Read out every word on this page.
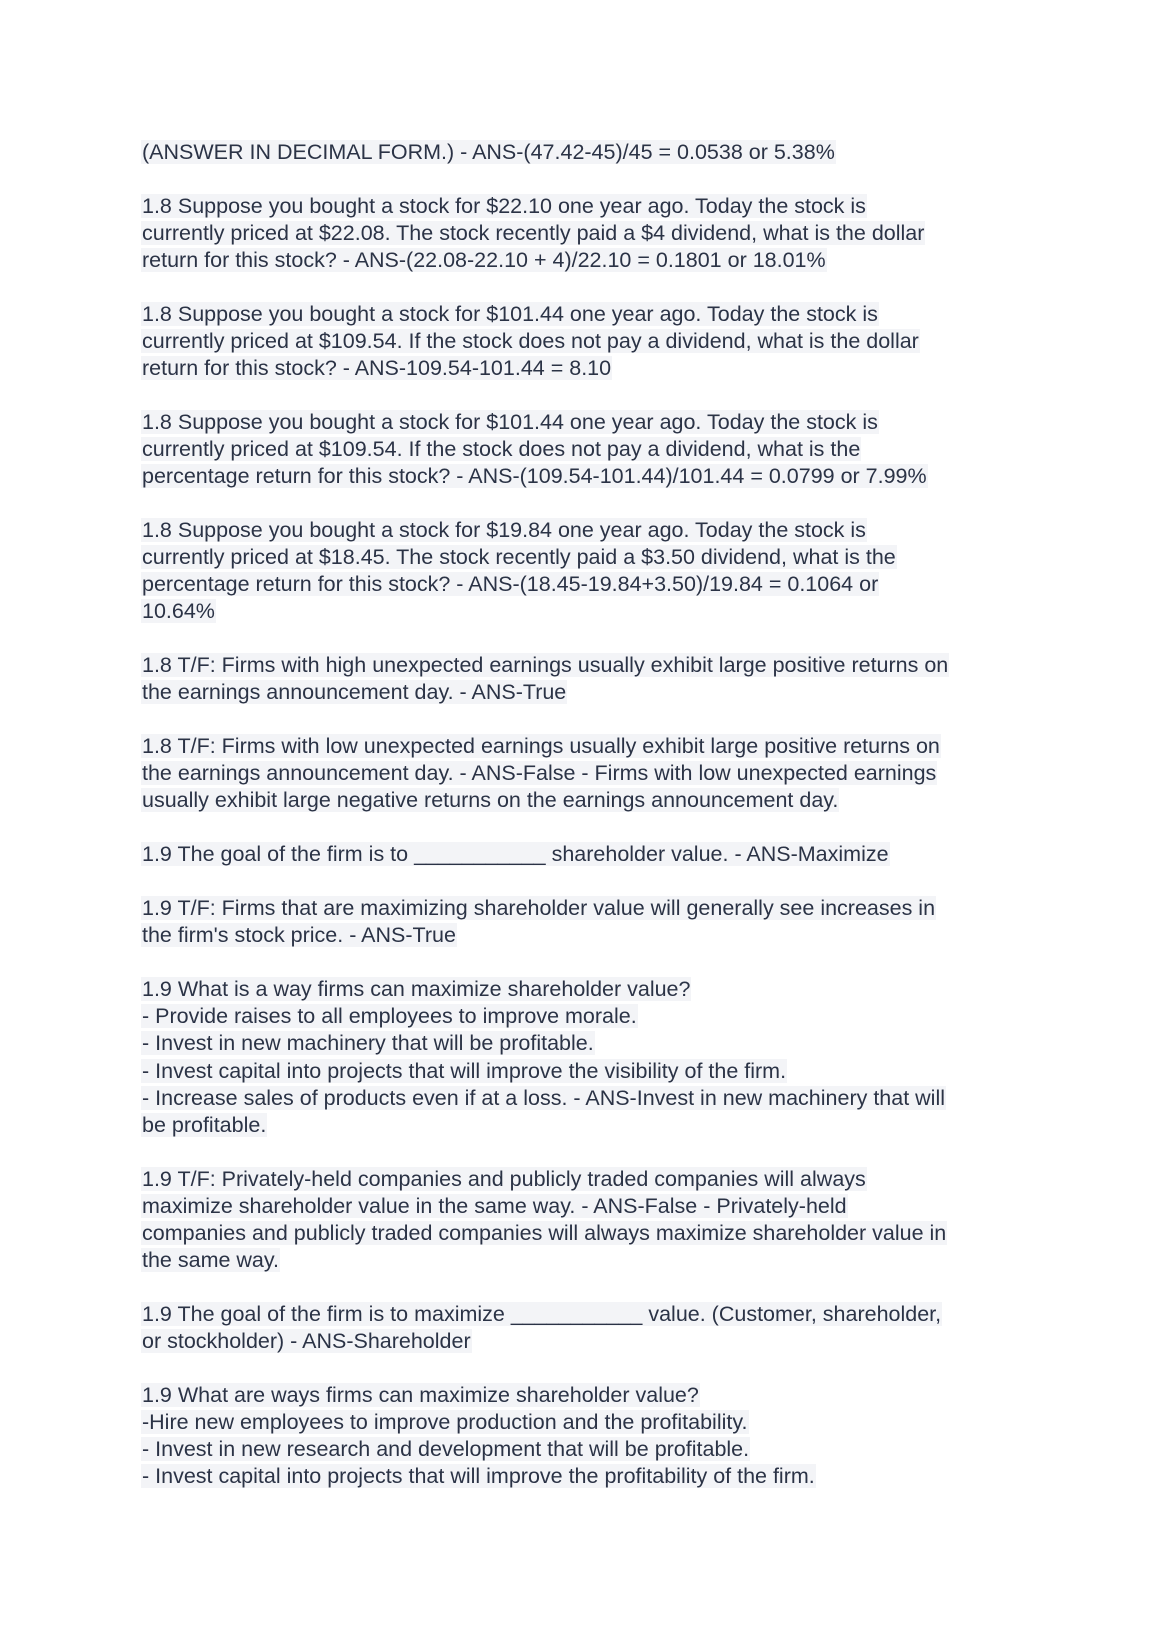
(ANSWER IN DECIMAL FORM.) - ANS-(47.42-45)/45 = 0.0538 or 5.38%
1.8 Suppose you bought a stock for $22.10 one year ago. Today the stock is
currently priced at $22.08. The stock recently paid a $4 dividend, what is the dollar
return for this stock? - ANS-(22.08-22.10 + 4)/22.10 = 0.1801 or 18.01%
1.8 Suppose you bought a stock for $101.44 one year ago. Today the stock is
currently priced at $109.54. If the stock does not pay a dividend, what is the dollar
return for this stock? - ANS-109.54-101.44 = 8.10
1.8 Suppose you bought a stock for $101.44 one year ago. Today the stock is
currently priced at $109.54. If the stock does not pay a dividend, what is the
percentage return for this stock? - ANS-(109.54-101.44)/101.44 = 0.0799 or 7.99%
1.8 Suppose you bought a stock for $19.84 one year ago. Today the stock is
currently priced at $18.45. The stock recently paid a $3.50 dividend, what is the
percentage return for this stock? - ANS-(18.45-19.84+3.50)/19.84 = 0.1064 or
10.64%
1.8 T/F: Firms with high unexpected earnings usually exhibit large positive returns on
the earnings announcement day. - ANS-True
1.8 T/F: Firms with low unexpected earnings usually exhibit large positive returns on
the earnings announcement day. - ANS-False - Firms with low unexpected earnings
usually exhibit large negative returns on the earnings announcement day.
1.9 The goal of the firm is to ___________ shareholder value. - ANS-Maximize
1.9 T/F: Firms that are maximizing shareholder value will generally see increases in
the firm's stock price. - ANS-True
1.9 What is a way firms can maximize shareholder value?
- Provide raises to all employees to improve morale.
- Invest in new machinery that will be profitable.
- Invest capital into projects that will improve the visibility of the firm.
- Increase sales of products even if at a loss. - ANS-Invest in new machinery that will
be profitable.
1.9 T/F: Privately-held companies and publicly traded companies will always
maximize shareholder value in the same way. - ANS-False - Privately-held
companies and publicly traded companies will always maximize shareholder value in
the same way.
1.9 The goal of the firm is to maximize ___________ value. (Customer, shareholder,
or stockholder) - ANS-Shareholder
1.9 What are ways firms can maximize shareholder value?
-Hire new employees to improve production and the profitability.
- Invest in new research and development that will be profitable.
- Invest capital into projects that will improve the profitability of the firm.
